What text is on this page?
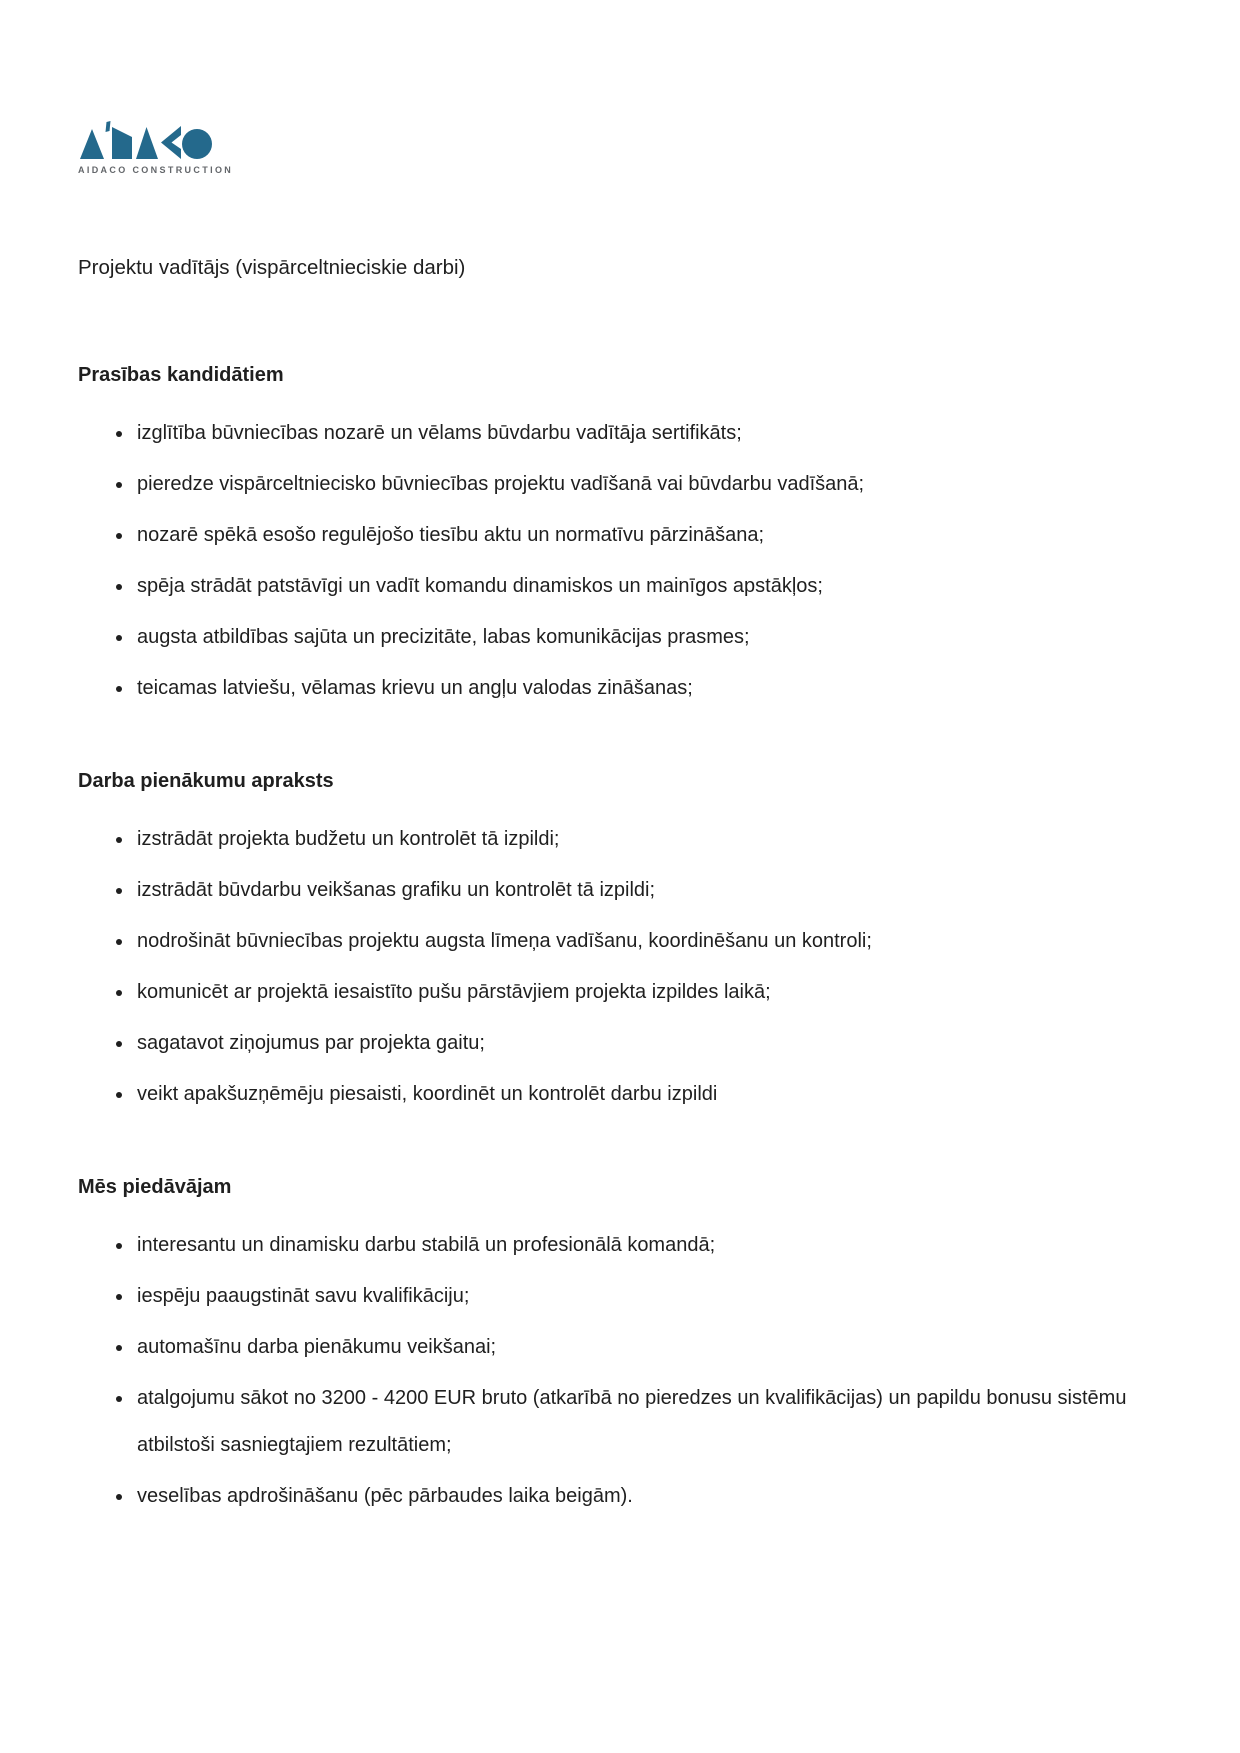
AIDACO CONSTRUCTION
Projektu vadītājs (vispārceltnieciskie darbi)
Prasības kandidātiem
izglītība būvniecības nozarē un vēlams būvdarbu vadītāja sertifikāts;
pieredze vispārceltniecisko būvniecības projektu vadīšanā vai būvdarbu vadīšanā;
nozarē spēkā esošo regulējošo tiesību aktu un normatīvu pārzināšana;
spēja strādāt patstāvīgi un vadīt komandu dinamiskos un mainīgos apstākļos;
augsta atbildības sajūta un precizitāte, labas komunikācijas prasmes;
teicamas latviešu, vēlamas krievu un angļu valodas zināšanas;
Darba pienākumu apraksts
izstrādāt projekta budžetu un kontrolēt tā izpildi;
izstrādāt būvdarbu veikšanas grafiku un kontrolēt tā izpildi;
nodrošināt būvniecības projektu augsta līmeņa vadīšanu, koordinēšanu un kontroli;
komunicēt ar projektā iesaistīto pušu pārstāvjiem projekta izpildes laikā;
sagatavot ziņojumus par projekta gaitu;
veikt apakšuzņēmēju piesaisti, koordinēt un kontrolēt darbu izpildi
Mēs piedāvājam
interesantu un dinamisku darbu stabilā un profesionālā komandā;
iespēju paaugstināt savu kvalifikāciju;
automašīnu darba pienākumu veikšanai;
atalgojumu sākot no 3200 - 4200 EUR bruto (atkarībā no pieredzes un kvalifikācijas) un papildu bonusu sistēmu atbilstoši sasniegtajiem rezultātiem;
veselības apdrošināšanu (pēc pārbaudes laika beigām).
